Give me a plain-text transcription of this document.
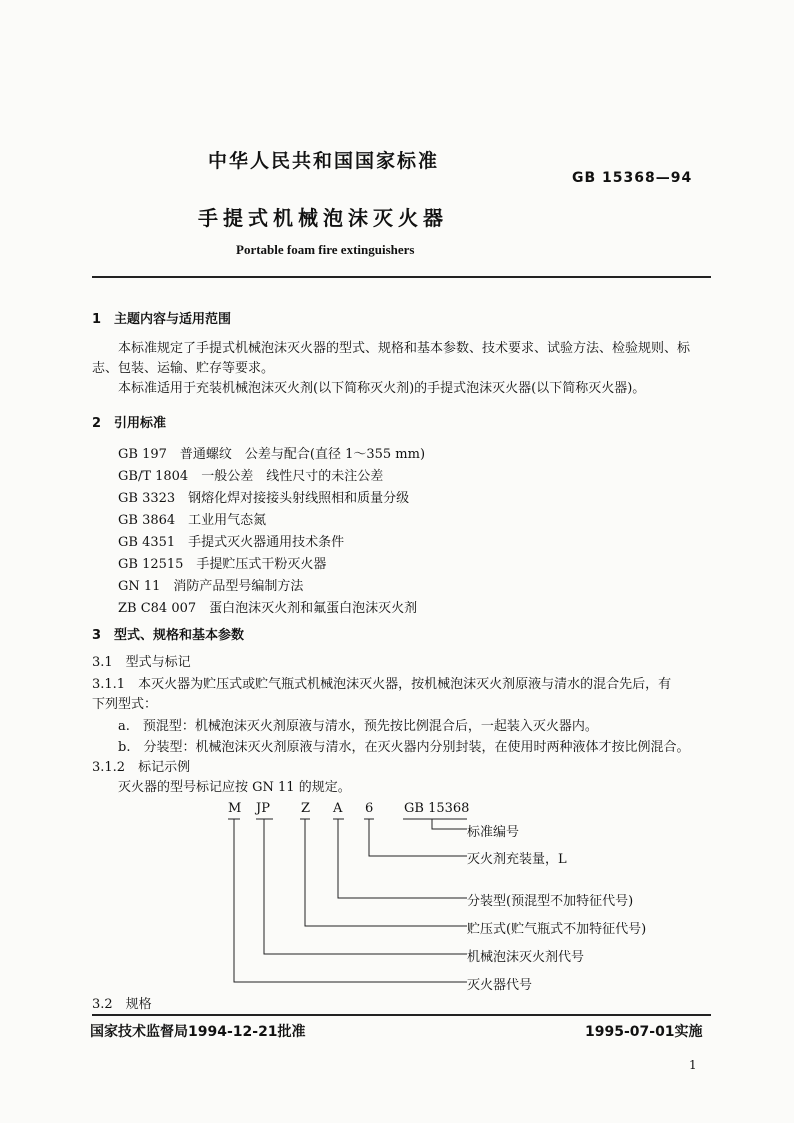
中华人民共和国国家标准
GB 15368—94
手提式机械泡沫灭火器
Portable foam fire extinguishers
1　主题内容与适用范围
本标准规定了手提式机械泡沫灭火器的型式、规格和基本参数、技术要求、试验方法、检验规则、标
志、包装、运输、贮存等要求。
本标准适用于充装机械泡沫灭火剂(以下简称灭火剂)的手提式泡沫灭火器(以下简称灭火器)。
2　引用标准
GB 197　普通螺纹　公差与配合(直径 1～355 mm)
GB/T 1804　一般公差　线性尺寸的未注公差
GB 3323　钢熔化焊对接接头射线照相和质量分级
GB 3864　工业用气态氮
GB 4351　手提式灭火器通用技术条件
GB 12515　手提贮压式干粉灭火器
GN 11　消防产品型号编制方法
ZB C84 007　蛋白泡沫灭火剂和氟蛋白泡沫灭火剂
3　型式、规格和基本参数
3.1　型式与标记
3.1.1　本灭火器为贮压式或贮气瓶式机械泡沫灭火器，按机械泡沫灭火剂原液与清水的混合先后，有
下列型式：
a.　预混型：机械泡沫灭火剂原液与清水，预先按比例混合后，一起装入灭火器内。
b.　分装型：机械泡沫灭火剂原液与清水，在灭火器内分别封装，在使用时两种液体才按比例混合。
3.1.2　标记示例
灭火器的型号标记应按 GN 11 的规定。
M JP Z A 6 GB 15368
标准编号
灭火剂充装量，L
分装型(预混型不加特征代号)
贮压式(贮气瓶式不加特征代号)
机械泡沫灭火剂代号
灭火器代号
3.2　规格
国家技术监督局1994-12-21批准	1995-07-01实施
1
